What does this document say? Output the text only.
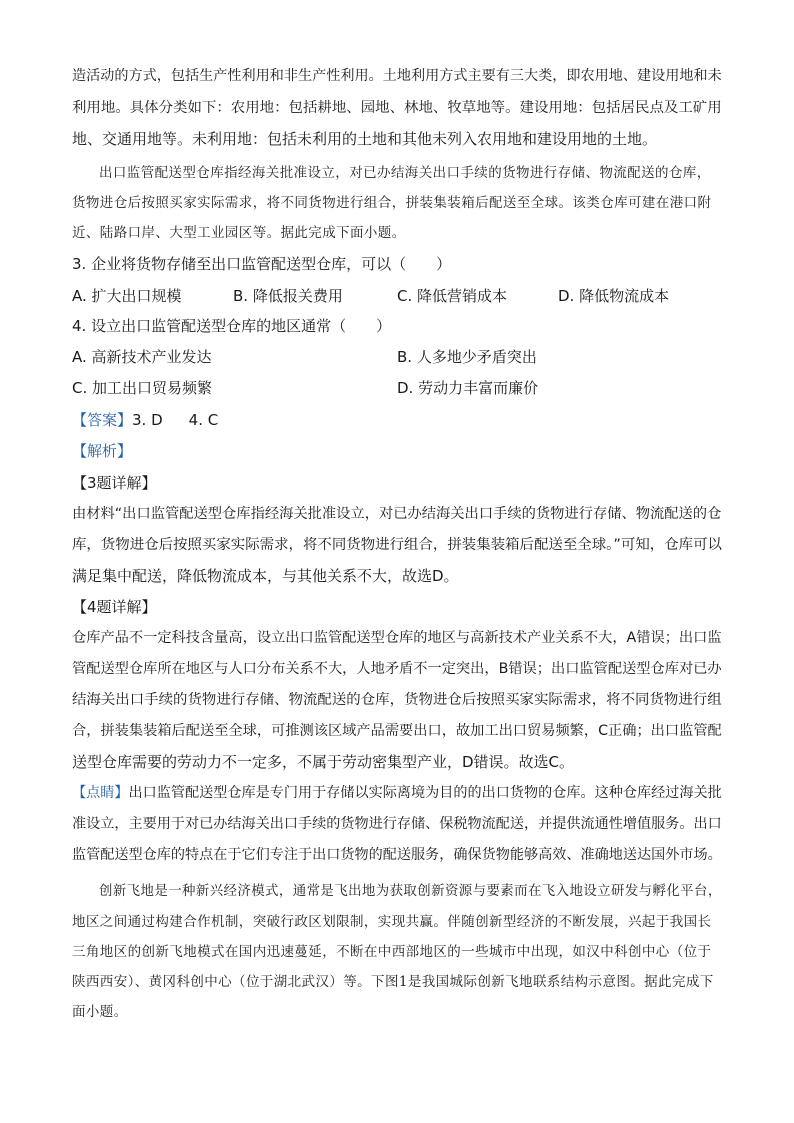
造活动的方式，包括生产性利用和非生产性利用。土地利用方式主要有三大类，即农用地、建设用地和未
利用地。具体分类如下：农用地：包括耕地、园地、林地、牧草地等。建设用地：包括居民点及工矿用
地、交通用地等。未利用地：包括未利用的土地和其他未列入农用地和建设用地的土地。
出口监管配送型仓库指经海关批准设立，对已办结海关出口手续的货物进行存储、物流配送的仓库，
货物进仓后按照买家实际需求，将不同货物进行组合，拼装集装箱后配送至全球。该类仓库可建在港口附
近、陆路口岸、大型工业园区等。据此完成下面小题。
3. 企业将货物存储至出口监管配送型仓库，可以（　　）
A. 扩大出口规模	B. 降低报关费用	C. 降低营销成本	D. 降低物流成本
4. 设立出口监管配送型仓库的地区通常（　　）
A. 高新技术产业发达	B. 人多地少矛盾突出
C. 加工出口贸易频繁	D. 劳动力丰富而廉价
【答案】3. D 4. C
【解析】
【3题详解】
由材料“出口监管配送型仓库指经海关批准设立，对已办结海关出口手续的货物进行存储、物流配送的仓
库，货物进仓后按照买家实际需求，将不同货物进行组合，拼装集装箱后配送至全球。”可知，仓库可以
满足集中配送，降低物流成本，与其他关系不大，故选D。
【4题详解】
仓库产品不一定科技含量高，设立出口监管配送型仓库的地区与高新技术产业关系不大，A错误；出口监
管配送型仓库所在地区与人口分布关系不大，人地矛盾不一定突出，B错误；出口监管配送型仓库对已办
结海关出口手续的货物进行存储、物流配送的仓库，货物进仓后按照买家实际需求，将不同货物进行组
合，拼装集装箱后配送至全球，可推测该区域产品需要出口，故加工出口贸易频繁，C正确；出口监管配
送型仓库需要的劳动力不一定多，不属于劳动密集型产业，D错误。故选C。
【点睛】出口监管配送型仓库是专门用于存储以实际离境为目的的出口货物的仓库。这种仓库经过海关批
准设立，主要用于对已办结海关出口手续的货物进行存储、保税物流配送，并提供流通性增值服务。出口
监管配送型仓库的特点在于它们专注于出口货物的配送服务，确保货物能够高效、准确地送达国外市场。
创新飞地是一种新兴经济模式，通常是飞出地为获取创新资源与要素而在飞入地设立研发与孵化平台，
地区之间通过构建合作机制，突破行政区划限制，实现共赢。伴随创新型经济的不断发展，兴起于我国长
三角地区的创新飞地模式在国内迅速蔓延，不断在中西部地区的一些城市中出现，如汉中科创中心（位于
陕西西安）、黄冈科创中心（位于湖北武汉）等。下图1是我国城际创新飞地联系结构示意图。据此完成下
面小题。
